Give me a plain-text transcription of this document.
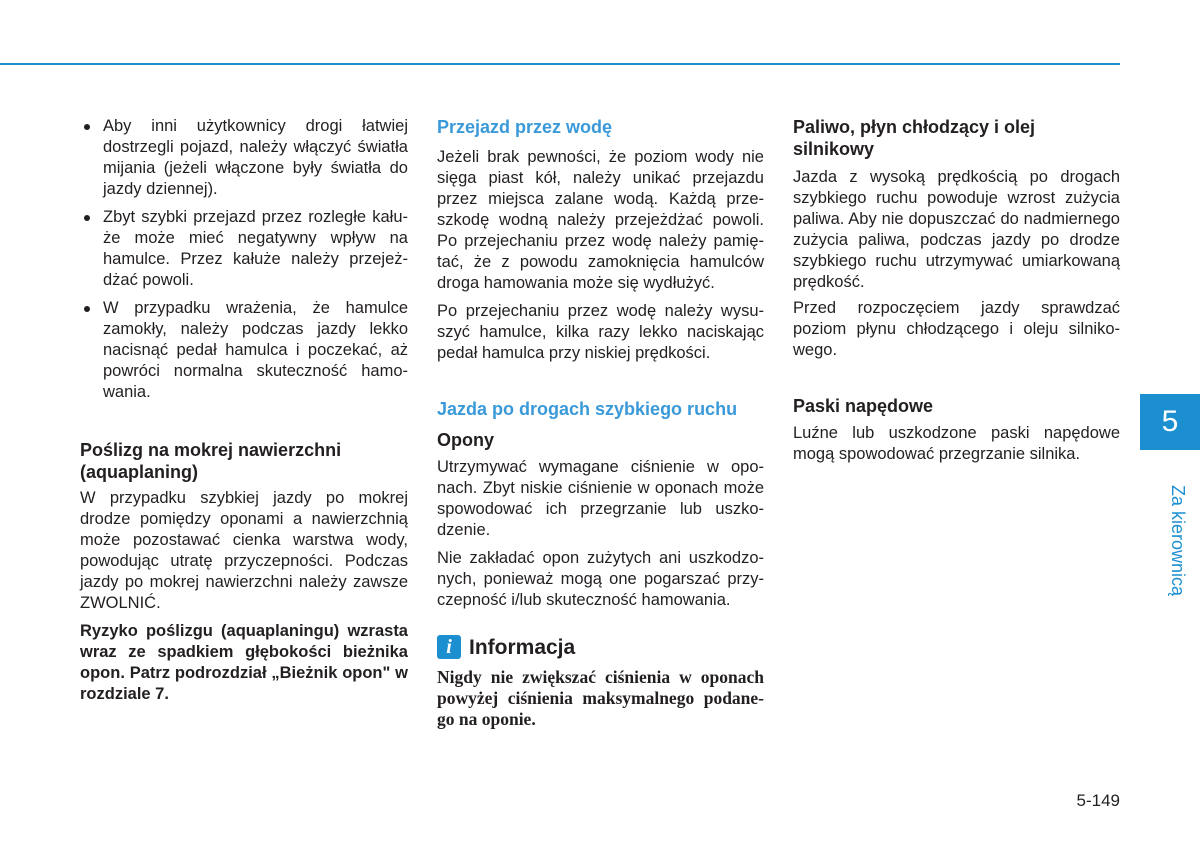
Aby inni użytkownicy drogi łatwiej dostrzegli pojazd, należy włączyć światła mijania (jeżeli włączone były światła do jazdy dziennej).
Zbyt szybki przejazd przez rozległe kału-że może mieć negatywny wpływ na hamulce. Przez kałuże należy przejeż-dżać powoli.
W przypadku wrażenia, że hamulce zamokły, należy podczas jazdy lekko nacisnąć pedał hamulca i poczekać, aż powróci normalna skuteczność hamo-wania.

Poślizg na mokrej nawierzchni (aquaplaning)

W przypadku szybkiej jazdy po mokrej drodze pomiędzy oponami a nawierzchnią może pozostawać cienka warstwa wody, powodując utratę przyczepności. Podczas jazdy po mokrej nawierzchni należy zawsze ZWOLNIĆ.

Ryzyko poślizgu (aquaplaningu) wzrasta wraz ze spadkiem głębokości bieżnika opon. Patrz podrozdział „Bieżnik opon" w rozdziale 7.

Przejazd przez wodę

Jeżeli brak pewności, że poziom wody nie sięga piast kół, należy unikać przejazdu przez miejsca zalane wodą. Każdą prze-szkodę wodną należy przejeżdżać powoli. Po przejechaniu przez wodę należy pamię-tać, że z powodu zamoknięcia hamulców droga hamowania może się wydłużyć.

Po przejechaniu przez wodę należy wysu-szyć hamulce, kilka razy lekko naciskając pedał hamulca przy niskiej prędkości.

Jazda po drogach szybkiego ruchu

Opony

Utrzymywać wymagane ciśnienie w opo-nach. Zbyt niskie ciśnienie w oponach może spowodować ich przegrzanie lub uszko-dzenie.

Nie zakładać opon zużytych ani uszkodzo-nych, ponieważ mogą one pogarszać przy-czepność i/lub skuteczność hamowania.

i Informacja

Nigdy nie zwiększać ciśnienia w oponach powyżej ciśnienia maksymalnego podane-go na oponie.

Paliwo, płyn chłodzący i olej silnikowy

Jazda z wysoką prędkością po drogach szybkiego ruchu powoduje wzrost zużycia paliwa. Aby nie dopuszczać do nadmiernego zużycia paliwa, podczas jazdy po drodze szybkiego ruchu utrzymywać umiarkowaną prędkość.

Przed rozpoczęciem jazdy sprawdzać poziom płynu chłodzącego i oleju silniko-wego.

Paski napędowe

Luźne lub uszkodzone paski napędowe mogą spowodować przegrzanie silnika.

5
Za kierownicą
5-149
